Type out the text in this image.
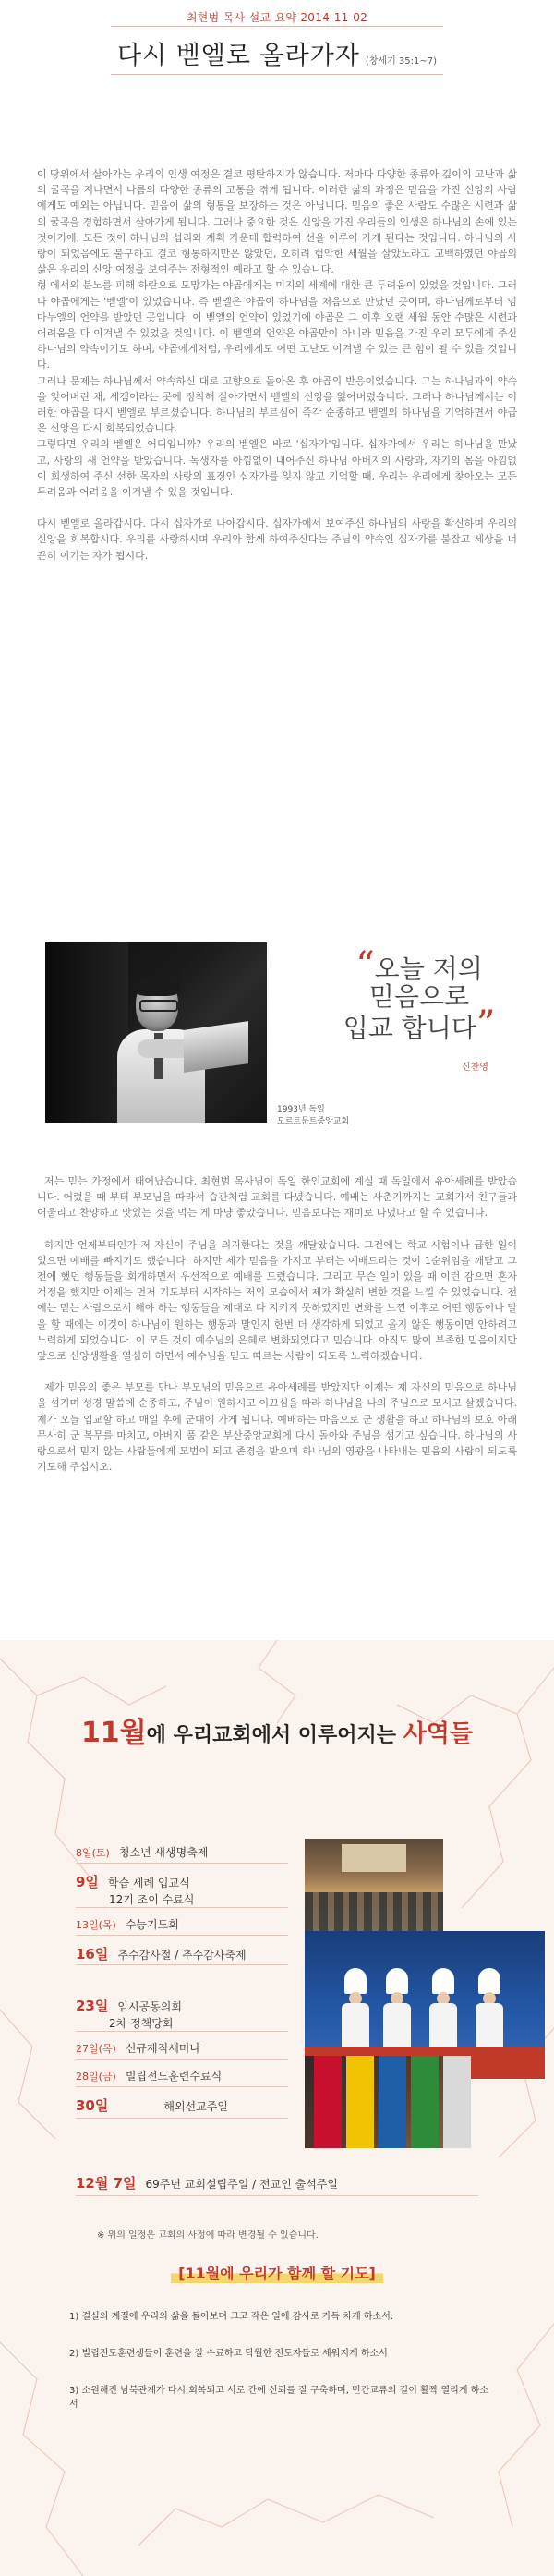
최현범 목사 설교 요약 2014-11-02
다시 벧엘로 올라가자 (창세기 35:1~7)

이 땅위에서 살아가는 우리의 인생 여정은 결코 평탄하지가 않습니다. 저마다 다양한 종류와 깊이의 고난과 삶의 굴곡을 지나면서 나름의 다양한 종류의 고통을 겪게 됩니다. 이러한 삶의 과정은 믿음을 가진 신앙의 사람에게도 예외는 아닙니다. 믿음이 삶의 형통을 보장하는 것은 아닙니다. 믿음의 좋은 사람도 수많은 시련과 삶의 굴곡을 경험하면서 살아가게 됩니다. 그러나 중요한 것은 신앙을 가진 우리들의 인생은 하나님의 손에 있는 것이기에, 모든 것이 하나님의 섭리와 계획 가운데 합력하여 선을 이루어 가게 된다는 것입니다. 하나님의 사랑이 되었음에도 불구하고 결코 형통하지만은 않았던, 오히려 험악한 세월을 살았노라고 고백하였던 야곱의 삶은 우리의 신앙 여정을 보여주는 전형적인 예라고 할 수 있습니다.

형 에서의 분노를 피해 하란으로 도망가는 야곱에게는 미지의 세계에 대한 큰 두려움이 있었을 것입니다. 그러나 야곱에게는 '벧엘'이 있었습니다. 즉 벧엘은 야곱이 하나님을 처음으로 만났던 곳이며, 하나님께로부터 임마누엘의 언약을 받았던 곳입니다. 이 벧엘의 언약이 있었기에 야곱은 그 이후 오랜 세월 동안 수많은 시련과 어려움을 다 이겨낼 수 있었을 것입니다. 이 벧엘의 언약은 야곱만이 아니라 믿음을 가진 우리 모두에게 주신 하나님의 약속이기도 하며, 야곱에게처럼, 우리에게도 어떤 고난도 이겨낼 수 있는 큰 힘이 될 수 있을 것입니다.

그러나 문제는 하나님께서 약속하신 대로 고향으로 돌아온 후 야곱의 반응이었습니다. 그는 하나님과의 약속을 잊어버린 채, 세겜이라는 곳에 정착해 살아가면서 벧엘의 신앙을 잃어버렸습니다. 그러나 하나님께서는 이러한 야곱을 다시 벧엘로 부르셨습니다. 하나님의 부르심에 즉각 순종하고 벧엘의 하나님을 기억하면서 야곱은 신앙을 다시 회복되었습니다.

그렇다면 우리의 벧엘은 어디입니까? 우리의 벧엘은 바로 '십자가'입니다. 십자가에서 우리는 하나님을 만났고, 사랑의 새 언약을 받았습니다. 독생자를 아낌없이 내어주신 하나님 아버지의 사랑과, 자기의 몸을 아낌없이 희생하여 주신 선한 목자의 사랑의 표징인 십자가를 잊지 않고 기억할 때, 우리는 우리에게 찾아오는 모든 두려움과 어려움을 이겨낼 수 있을 것입니다.

다시 벧엘로 올라갑시다. 다시 십자가로 나아갑시다. 십자가에서 보여주신 하나님의 사랑을 확신하며 우리의 신앙을 회복합시다. 우리를 사랑하시며 우리와 함께 하여주신다는 주님의 약속인 십자가를 붙잡고 세상을 너끈히 이기는 자가 됩시다.

“오늘 저의
믿음으로
입교 합니다”
신찬영
1993년 독일
도르트문트중앙교회

저는 믿는 가정에서 태어났습니다. 최현범 목사님이 독일 한인교회에 계실 때 독일에서 유아세례를 받았습니다. 어렸을 때 부터 부모님을 따라서 습관처럼 교회를 다녔습니다. 예배는 사춘기까지는 교회가서 친구들과 어울리고 찬양하고 맛있는 것을 먹는 게 마냥 좋았습니다. 믿음보다는 재미로 다녔다고 할 수 있습니다.

하지만 언제부터인가 저 자신이 주님을 의지한다는 것을 깨달았습니다. 그전에는 학교 시험이나 급한 일이 있으면 예배를 빠지기도 했습니다. 하지만 제가 믿음을 가지고 부터는 예배드리는 것이 1순위임을 깨닫고 그전에 했던 행동들을 회개하면서 우선적으로 예배를 드렸습니다. 그리고 무슨 일이 있을 때 이런 감으면 혼자 걱정을 했지만 이제는 먼저 기도부터 시작하는 저의 모습에서 제가 확실히 변한 것을 느낄 수 있었습니다. 전에는 믿는 사람으로서 해야 하는 행동들을 제대로 다 지키지 못하였지만 변화를 느낀 이후로 어떤 행동이나 말을 할 때에는 이것이 하나님이 원하는 행동과 말인지 한번 더 생각하게 되었고 올지 않은 행동이면 안하려고 노력하게 되었습니다. 이 모든 것이 예수님의 은혜로 변화되었다고 믿습니다. 아직도 많이 부족한 믿음이지만 앞으로 신앙생활을 열심히 하면서 예수님을 믿고 따르는 사람이 되도록 노력하겠습니다.

제가 믿음의 좋은 부모를 만나 부모님의 믿음으로 유아세례를 받았지만 이제는 제 자신의 믿음으로 하나님을 섬기며 성경 말씀에 순종하고, 주님이 원하시고 이끄심을 따라 하나님을 나의 주님으로 모시고 살겠습니다. 제가 오늘 입교할 하고 매일 후에 군대에 가게 됩니다. 예배하는 마음으로 군 생활을 하고 하나님의 보호 아래 무사히 군 복무를 마치고, 아버지 품 같은 부산중앙교회에 다시 돌아와 주님을 섬기고 싶습니다. 하나님의 사랑으로서 믿지 않는 사람들에게 모범이 되고 존경을 받으며 하나님의 영광을 나타내는 믿음의 사람이 되도록 기도해 주십시오.

11월에 우리교회에서 이루어지는 사역들
8일(토) 청소년 새생명축제
9일 학습 세례 입교식
12기 조이 수료식
13일(목) 수능기도회
16일 추수감사절 / 추수감사축제
23일 임시공동의회
2차 정책당회
27일(목) 신규제직세미나
28일(금) 빌립전도훈련수료식
30일	해외선교주일
12월 7일 69주년 교회설립주일 / 전교인 출석주일
※ 위의 일정은 교회의 사정에 따라 변경될 수 있습니다.
[11월에 우리가 함께 할 기도]
1) 결실의 계절에 우리의 삶을 돌아보며 크고 작은 일에 감사로 가득 차게 하소서.
2) 빌립전도훈련생들이 훈련을 잘 수료하고 탁월한 전도자들로 세워지게 하소서
3) 소원해진 남북관계가 다시 회복되고 서로 간에 신뢰를 잘 구축하며, 민간교류의 길이 활짝 열리게 하소서
